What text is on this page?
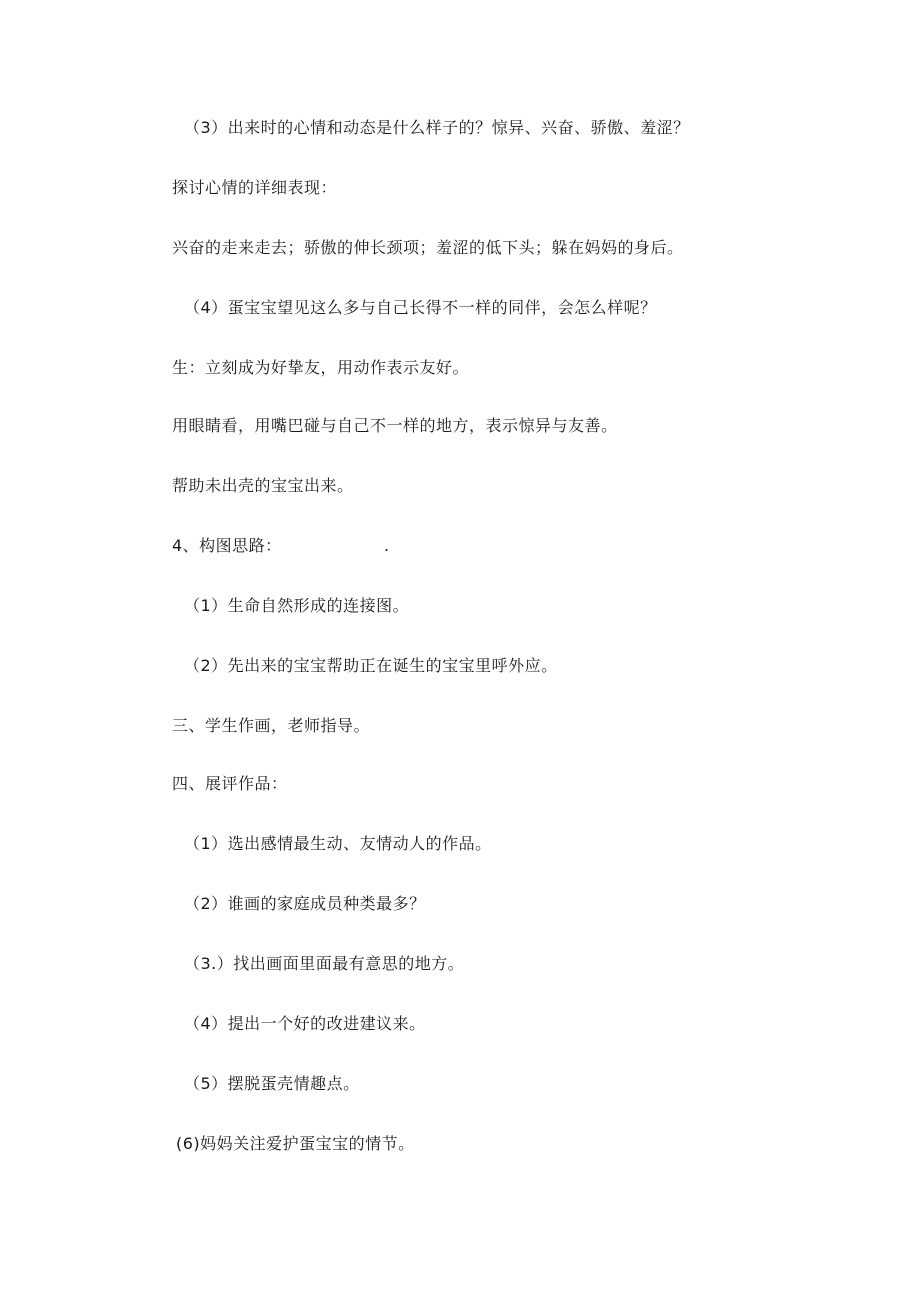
（3）出来时的心情和动态是什么样子的？惊异、兴奋、骄傲、羞涩？
探讨心情的详细表现：
兴奋的走来走去；骄傲的伸长颈项；羞涩的低下头；躲在妈妈的身后。
（4）蛋宝宝望见这么多与自己长得不一样的同伴，会怎么样呢？
生：立刻成为好挚友，用动作表示友好。
用眼睛看，用嘴巴碰与自己不一样的地方，表示惊异与友善。
帮助未出壳的宝宝出来。
4、构图思路：	.
（1）生命自然形成的连接图。
（2）先出来的宝宝帮助正在诞生的宝宝里呼外应。
三、学生作画，老师指导。
四、展评作品：
（1）选出感情最生动、友情动人的作品。
（2）谁画的家庭成员种类最多？
（3.）找出画面里面最有意思的地方。
（4）提出一个好的改进建议来。
（5）摆脱蛋壳情趣点。
(6)妈妈关注爱护蛋宝宝的情节。
